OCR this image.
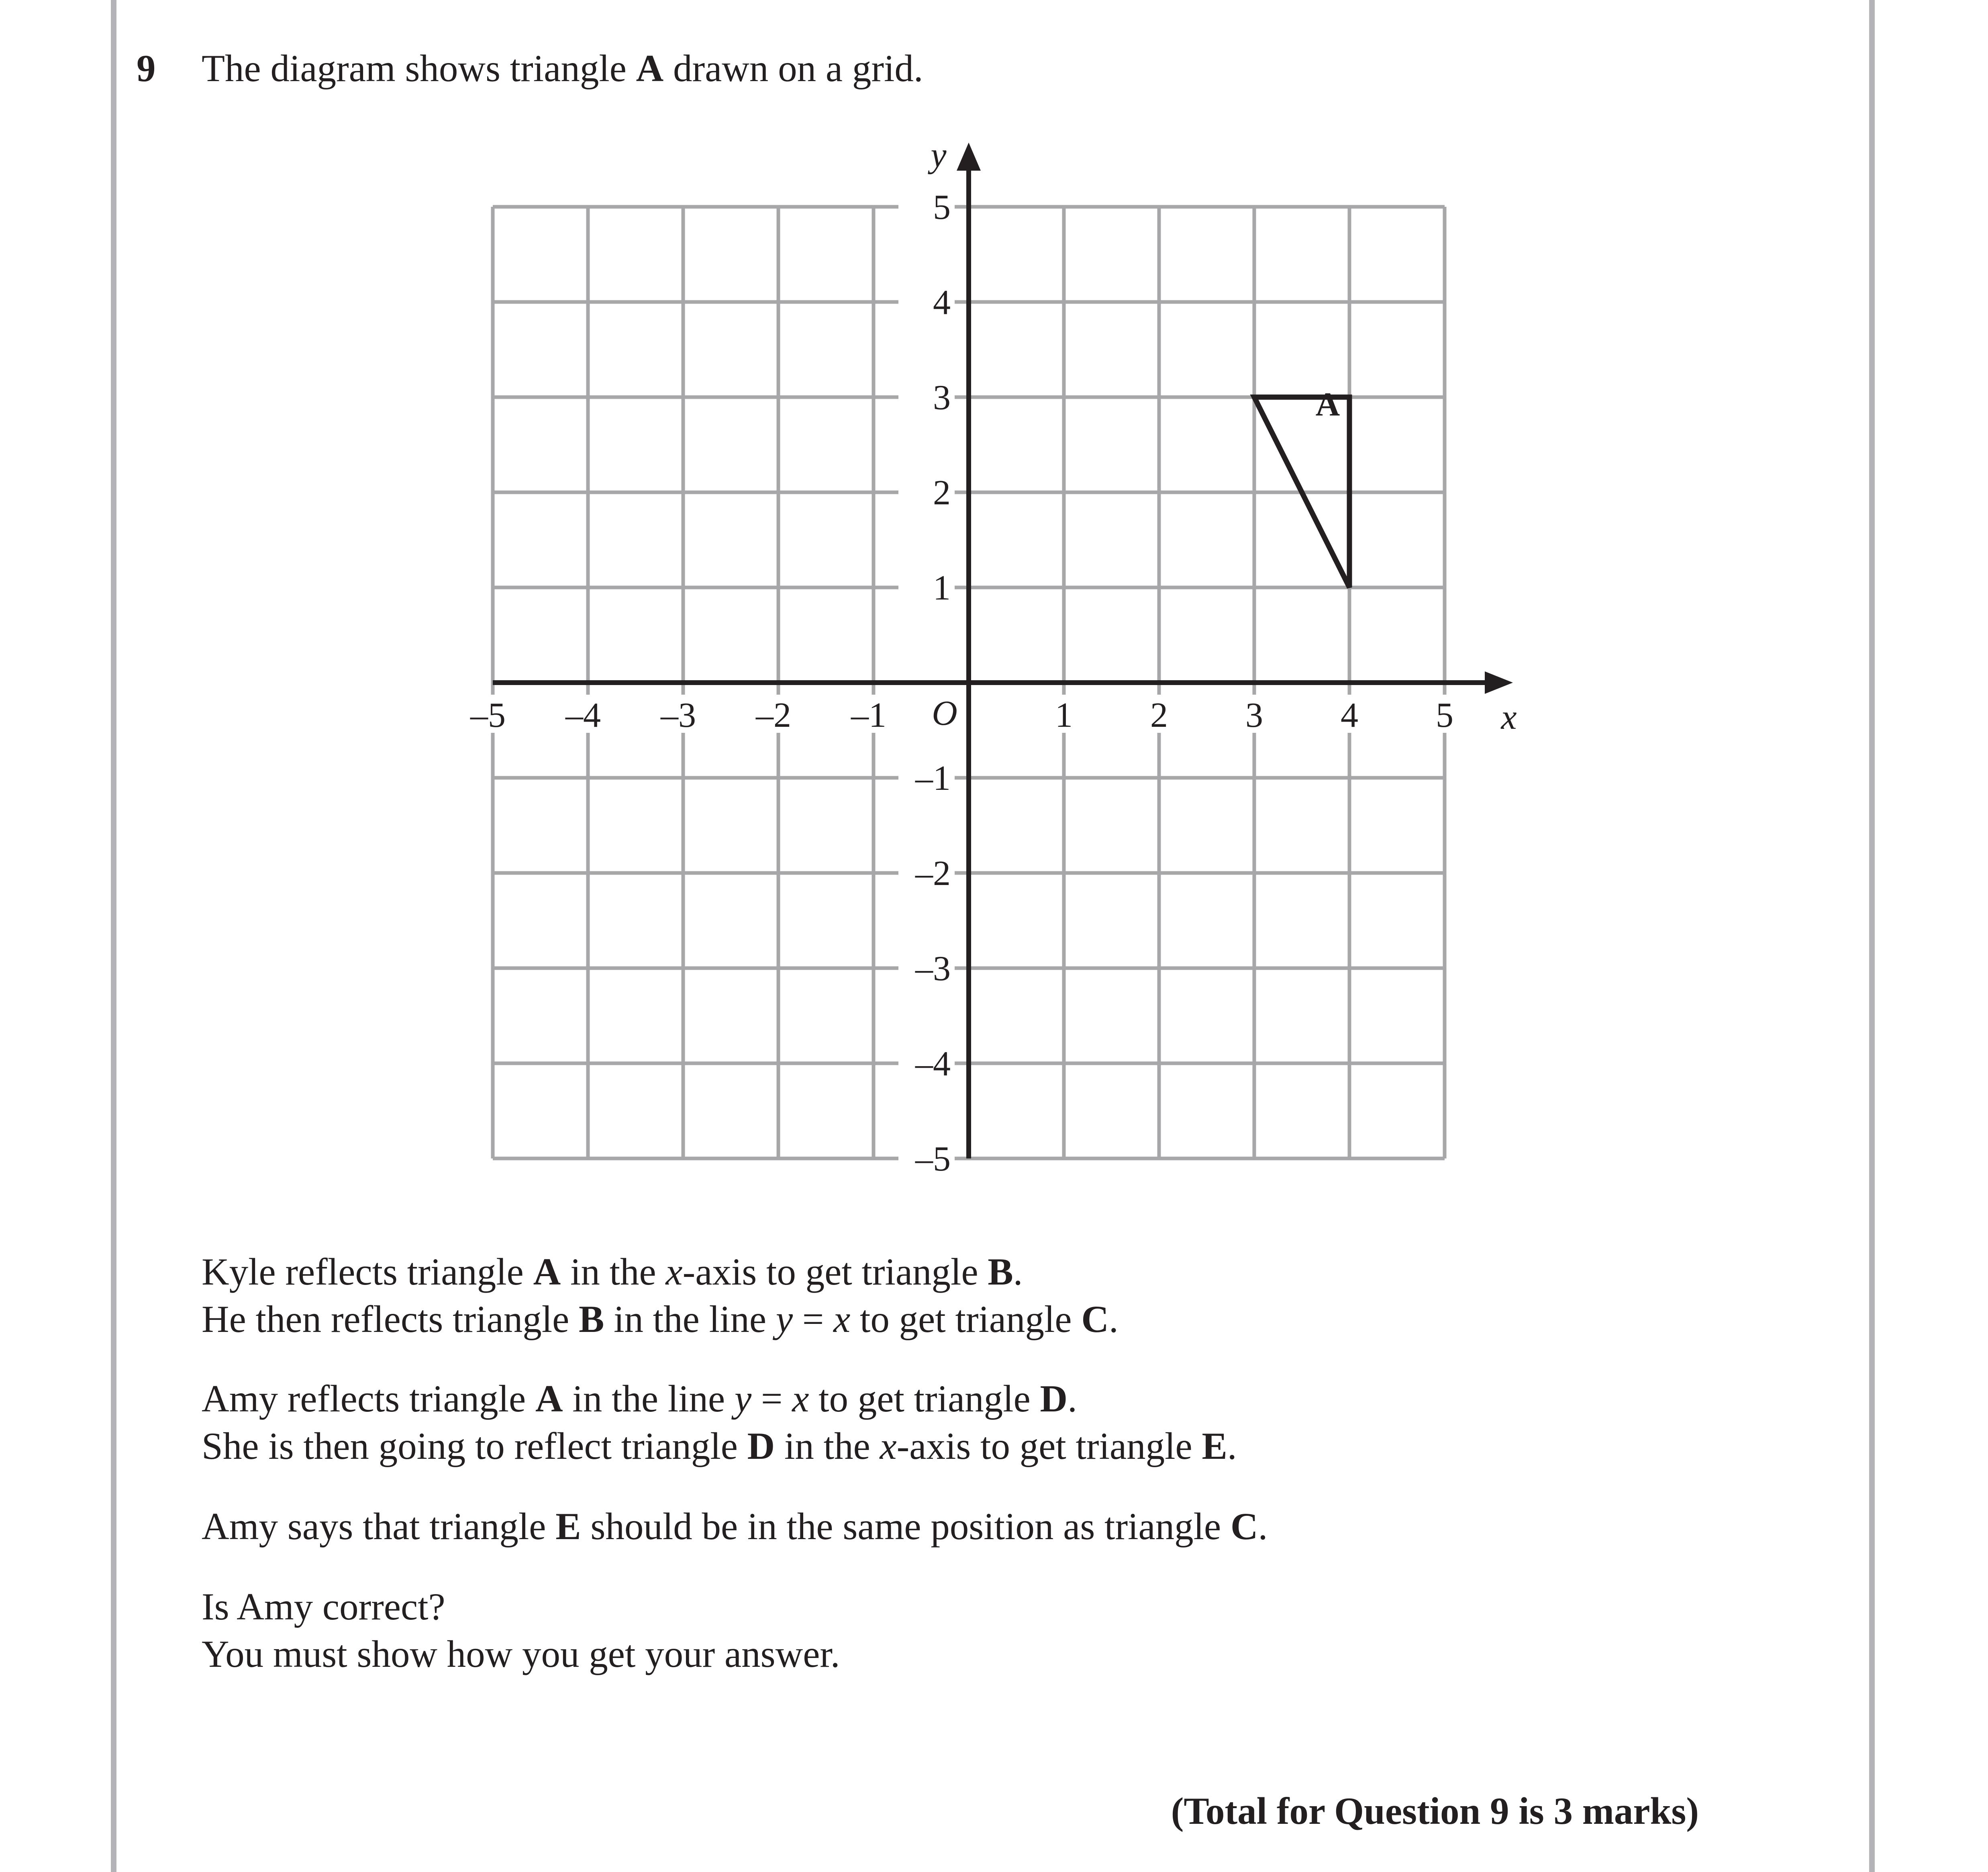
9 The diagram shows triangle A drawn on a grid.
x
y
O
–5 –4 –3 –2 –1	1 2 3 4 5
5
4
3
2
1
–1
–2
–3
–4
–5
A
Kyle reflects triangle A in the x-axis to get triangle B.
He then reflects triangle B in the line y = x to get triangle C.
Amy reflects triangle A in the line y = x to get triangle D.
She is then going to reflect triangle D in the x-axis to get triangle E.
Amy says that triangle E should be in the same position as triangle C.
Is Amy correct?
You must show how you get your answer.
(Total for Question 9 is 3 marks)
